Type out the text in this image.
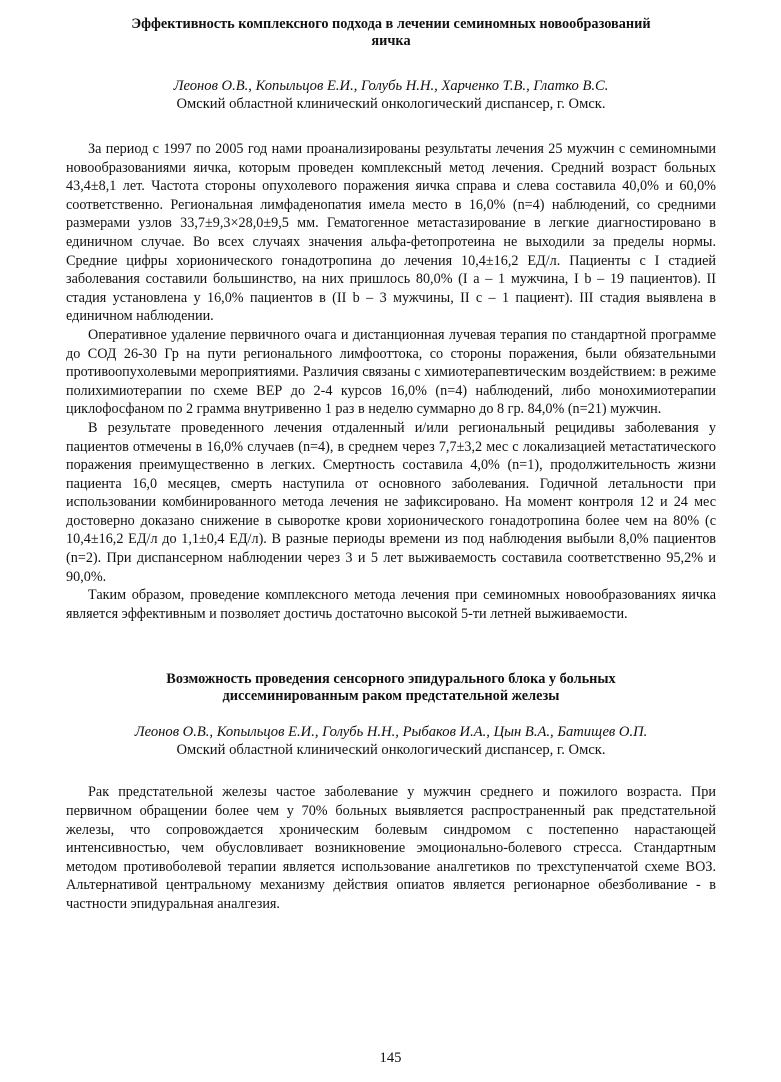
Эффективность комплексного подхода в лечении семиномных новообразований
яичка

Леонов О.В., Копыльцов Е.И., Голубь Н.Н., Харченко Т.В., Глатко В.С.

Омский областной клинический онкологический диспансер, г. Омск.

За период с 1997 по 2005 год нами проанализированы результаты лечения 25 мужчин с семиномными новообразованиями яичка, которым проведен комплексный метод лечения. Средний возраст больных 43,4±8,1 лет. Частота стороны опухолевого поражения яичка справа и слева составила 40,0% и 60,0% соответственно. Региональная лимфаденопатия имела место в 16,0% (n=4) наблюдений, со средними размерами узлов 33,7±9,3×28,0±9,5 мм. Гематогенное метастазирование в легкие диагностировано в единичном случае. Во всех случаях значения альфа-фетопротеина не выходили за пределы нормы. Средние цифры хорионического гонадотропина до лечения 10,4±16,2 ЕД/л. Пациенты с I стадией заболевания составили большинство, на них пришлось 80,0% (I a – 1 мужчина, I b – 19 пациентов). II стадия установлена у 16,0% пациентов в (II b – 3 мужчины, II c – 1 пациент). III стадия выявлена в единичном наблюдении.

Оперативное удаление первичного очага и дистанционная лучевая терапия по стандартной программе до СОД 26-30 Гр на пути регионального лимфооттока, со стороны поражения, были обязательными противоопухолевыми мероприятиями. Различия связаны с химиотерапевтическим воздействием: в режиме полихимиотерапии по схеме ВЕР до 2-4 курсов 16,0% (n=4) наблюдений, либо монохимиотерапии циклофосфаном по 2 грамма внутривенно 1 раз в неделю суммарно до 8 гр. 84,0% (n=21) мужчин.

В результате проведенного лечения отдаленный и/или региональный рецидивы заболевания у пациентов отмечены в 16,0% случаев (n=4), в среднем через 7,7±3,2 мес с локализацией метастатического поражения преимущественно в легких. Смертность составила 4,0% (n=1), продолжительность жизни пациента 16,0 месяцев, смерть наступила от основного заболевания. Годичной летальности при использовании комбинированного метода лечения не зафиксировано. На момент контроля 12 и 24 мес достоверно доказано снижение в сыворотке крови хорионического гонадотропина более чем на 80% (с 10,4±16,2 ЕД/л до 1,1±0,4 ЕД/л). В разные периоды времени из под наблюдения выбыли 8,0% пациентов (n=2). При диспансерном наблюдении через 3 и 5 лет выживаемость составила соответственно 95,2% и 90,0%.

Таким образом, проведение комплексного метода лечения при семиномных новообразованиях яичка является эффективным и позволяет достичь достаточно высокой 5-ти летней выживаемости.

Возможность проведения сенсорного эпидурального блока у больных
диссеминированным раком предстательной железы

Леонов О.В., Копыльцов Е.И., Голубь Н.Н., Рыбаков И.А., Цын В.А., Батищев О.П.

Омский областной клинический онкологический диспансер, г. Омск.

Рак предстательной железы частое заболевание у мужчин среднего и пожилого возраста. При первичном обращении более чем у 70% больных выявляется распространенный рак предстательной железы, что сопровождается хроническим болевым синдромом с постепенно нарастающей интенсивностью, чем обусловливает возникновение эмоционально-болевого стресса. Стандартным методом противоболевой терапии является использование аналгетиков по трехступенчатой схеме ВОЗ. Альтернативой центральному механизму действия опиатов является регионарное обезболивание - в частности эпидуральная аналгезия.

145
